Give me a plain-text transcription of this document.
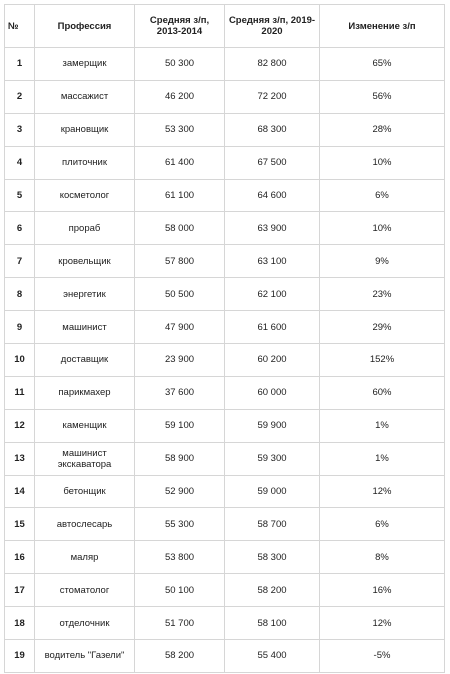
№	Профессия	Средняя з/п, 2013-2014	Средняя з/п, 2019-2020	Изменение з/п
1	замерщик	50 300	82 800	65%
2	массажист	46 200	72 200	56%
3	крановщик	53 300	68 300	28%
4	плиточник	61 400	67 500	10%
5	косметолог	61 100	64 600	6%
6	прораб	58 000	63 900	10%
7	кровельщик	57 800	63 100	9%
8	энергетик	50 500	62 100	23%
9	машинист	47 900	61 600	29%
10	доставщик	23 900	60 200	152%
11	парикмахер	37 600	60 000	60%
12	каменщик	59 100	59 900	1%
13	машинист экскаватора	58 900	59 300	1%
14	бетонщик	52 900	59 000	12%
15	автослесарь	55 300	58 700	6%
16	маляр	53 800	58 300	8%
17	стоматолог	50 100	58 200	16%
18	отделочник	51 700	58 100	12%
19	водитель "Газели"	58 200	55 400	-5%
